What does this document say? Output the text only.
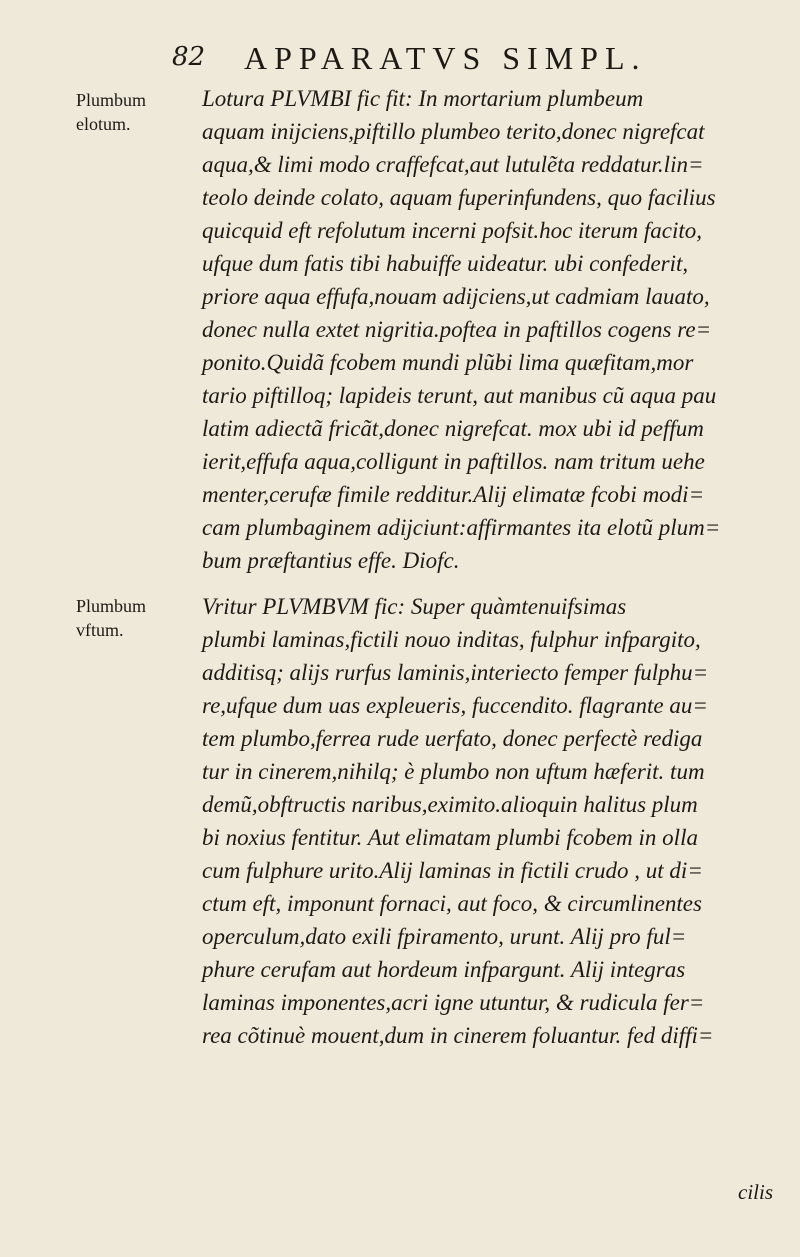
82 APPARATVS SIMPL.
Plumbum
elotum.
Plumbum
vftum.
Lotura PLVMBI fic fit: In mortarium plumbeum
aquam inijciens,piftillo plumbeo terito,donec nigrefcat
aqua,& limi modo craffefcat,aut lutulẽta reddatur.lin=
teolo deinde colato, aquam fuperinfundens, quo facilius
quicquid eft refolutum incerni pofsit.hoc iterum facito,
ufque dum fatis tibi habuiffe uideatur. ubi confederit,
priore aqua effufa,nouam adijciens,ut cadmiam lauato,
donec nulla extet nigritia.poftea in paftillos cogens re=
ponito.Quidã fcobem mundi plũbi lima quæfitam,mor
tario piftilloq; lapideis terunt, aut manibus cũ aqua pau
latim adiectã fricãt,donec nigrefcat. mox ubi id peffum
ierit,effufa aqua,colligunt in paftillos. nam tritum uehe
menter,cerufæ fimile redditur.Alij elimatæ fcobi modi=
cam plumbaginem adijciunt:affirmantes ita elotũ plum=
bum præftantius effe. Diofc.
Vritur PLVMBVM fic: Super quàmtenuifsimas
plumbi laminas,fictili nouo inditas, fulphur infpargito,
additisq; alijs rurfus laminis,interiecto femper fulphu=
re,ufque dum uas expleueris, fuccendito. flagrante au=
tem plumbo,ferrea rude uerfato, donec perfectè rediga
tur in cinerem,nihilq; è plumbo non uftum hæferit. tum
demũ,obftructis naribus,eximito.alioquin halitus plum
bi noxius fentitur. Aut elimatam plumbi fcobem in olla
cum fulphure urito.Alij laminas in fictili crudo , ut di=
ctum eft, imponunt fornaci, aut foco, & circumlinentes
operculum,dato exili fpiramento, urunt. Alij pro ful=
phure cerufam aut hordeum infpargunt. Alij integras
laminas imponentes,acri igne utuntur, & rudicula fer=
rea cõtinuè mouent,dum in cinerem foluantur. fed diffi=
cilis
